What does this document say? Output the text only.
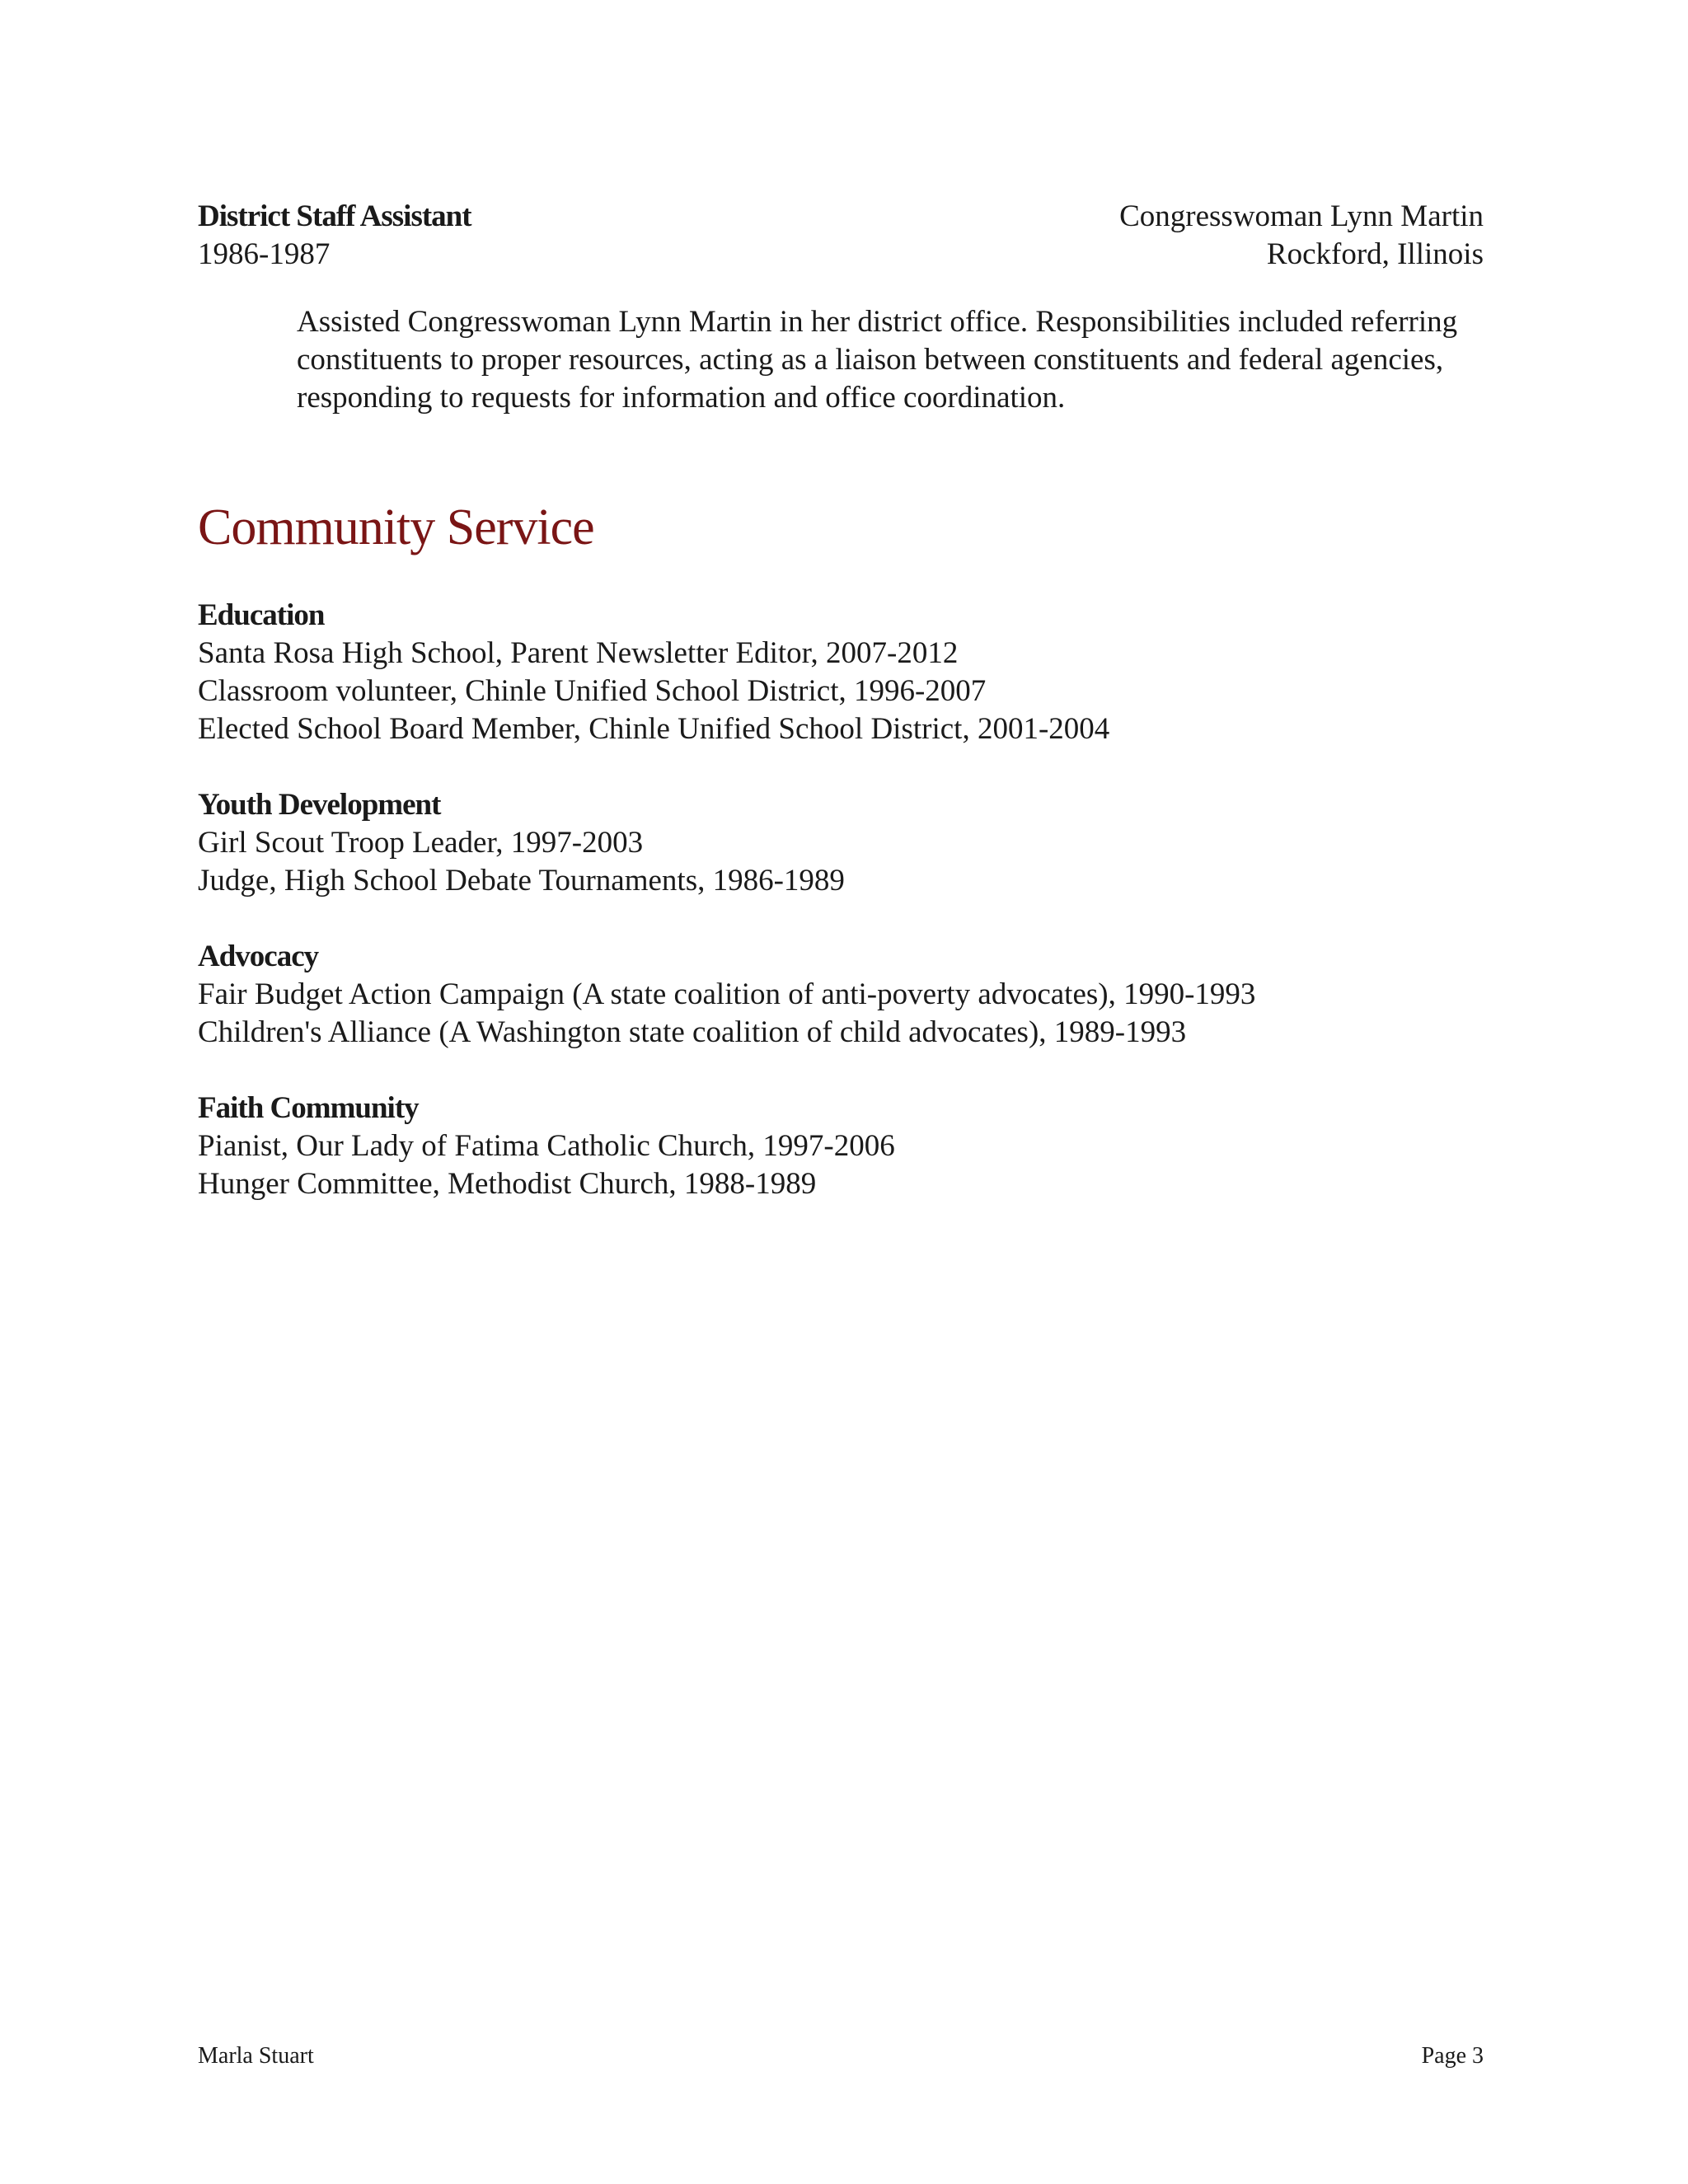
District Staff Assistant	Congresswoman Lynn Martin
1986-1987	Rockford, Illinois
Assisted Congresswoman Lynn Martin in her district office. Responsibilities included referring constituents to proper resources, acting as a liaison between constituents and federal agencies, responding to requests for information and office coordination.
Community Service
Education
Santa Rosa High School, Parent Newsletter Editor, 2007-2012
Classroom volunteer, Chinle Unified School District, 1996-2007
Elected School Board Member, Chinle Unified School District, 2001-2004
Youth Development
Girl Scout Troop Leader, 1997-2003
Judge, High School Debate Tournaments, 1986-1989
Advocacy
Fair Budget Action Campaign (A state coalition of anti-poverty advocates), 1990-1993
Children's Alliance (A Washington state coalition of child advocates), 1989-1993
Faith Community
Pianist, Our Lady of Fatima Catholic Church, 1997-2006
Hunger Committee, Methodist Church, 1988-1989
Marla Stuart	Page 3
